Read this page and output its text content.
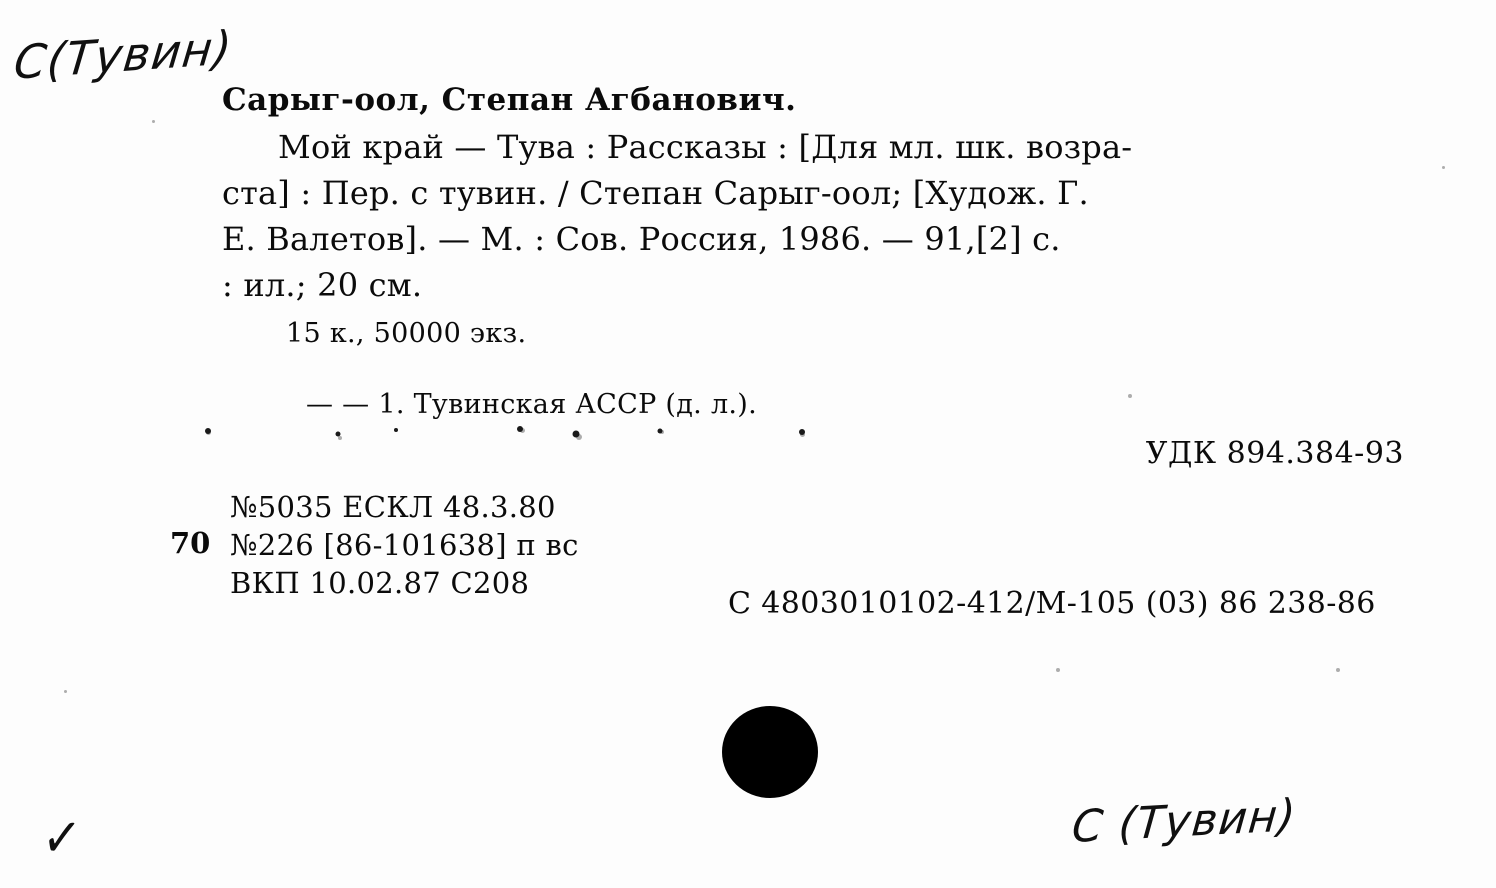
С(Тувин)
Сарыг-оол, Степан Агбанович.
Мой край — Тува : Рассказы : [Для мл. шк. возра-
ста] : Пер. с тувин. / Степан Сарыг-оол; [Худож. Г.
Е. Валетов]. — М. : Сов. Россия, 1986. — 91,[2] с.
: ил.; 20 см.
15 к., 50000 экз.
— — 1. Тувинская АССР (д. л.).
УДК 894.384-93
70
№5035 ЕСКЛ 48.3.80
№226 [86-101638] п вс
ВКП 10.02.87 С208
С 4803010102-412/М-105 (03) 86 238-86
С (Тувин)
✓
